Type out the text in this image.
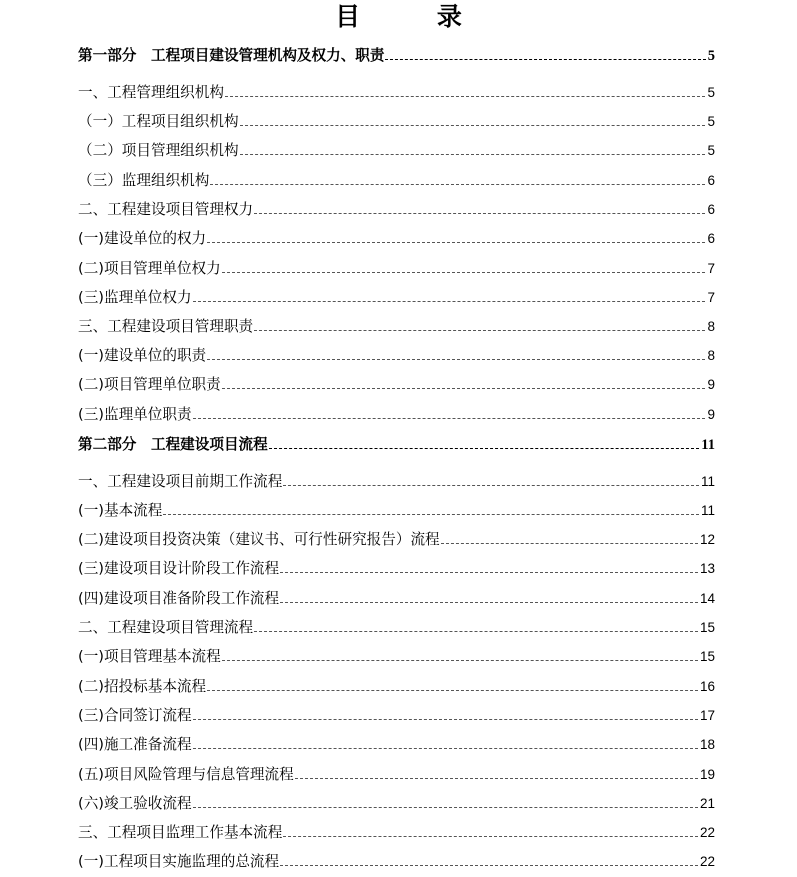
目 录
第一部分　工程项目建设管理机构及权力、职责	5
一、工程管理组织机构	5
（一）工程项目组织机构	5
（二）项目管理组织机构	5
（三）监理组织机构	6
二、工程建设项目管理权力	6
(一)建设单位的权力	6
(二)项目管理单位权力	7
(三)监理单位权力	7
三、工程建设项目管理职责	8
(一)建设单位的职责	8
(二)项目管理单位职责	9
(三)监理单位职责	9
第二部分　工程建设项目流程	11
一、工程建设项目前期工作流程	11
(一)基本流程	11
(二)建设项目投资决策（建议书、可行性研究报告）流程	12
(三)建设项目设计阶段工作流程	13
(四)建设项目准备阶段工作流程	14
二、工程建设项目管理流程	15
(一)项目管理基本流程	15
(二)招投标基本流程	16
(三)合同签订流程	17
(四)施工准备流程	18
(五)项目风险管理与信息管理流程	19
(六)竣工验收流程	21
三、工程项目监理工作基本流程	22
(一)工程项目实施监理的总流程	22
